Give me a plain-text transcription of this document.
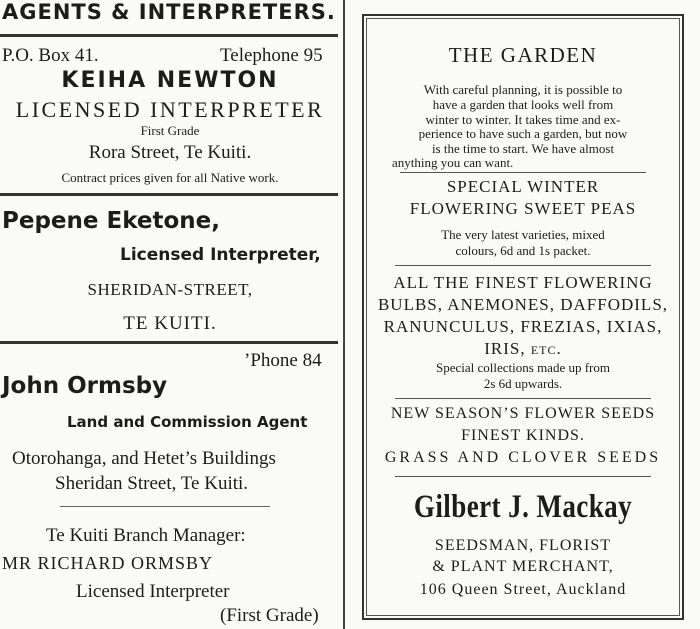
AGENTS & INTERPRETERS.
P.O. Box 41.	Telephone 95
KEIHA NEWTON
LICENSED INTERPRETER
First Grade
Rora Street, Te Kuiti.
Contract prices given for all Native work.
Pepene Eketone,
Licensed Interpreter,
SHERIDAN-STREET,
TE KUITI.
’Phone 84
John Ormsby
Land and Commission Agent
Otorohanga, and Hetet’s Buildings
Sheridan Street, Te Kuiti.
Te Kuiti Branch Manager:
MR RICHARD ORMSBY
Licensed Interpreter
(First Grade)
THE GARDEN
With careful planning, it is possible to
have a garden that looks well from
winter to winter. It takes time and ex-
perience to have such a garden, but now
is the time to start. We have almost
anything you can want.
SPECIAL WINTER
FLOWERING SWEET PEAS
The very latest varieties, mixed
colours, 6d and 1s packet.
ALL THE FINEST FLOWERING
BULBS, ANEMONES, DAFFODILS,
RANUNCULUS, FREZIAS, IXIAS,
IRIS, etc.
Special collections made up from
2s 6d upwards.
NEW SEASON’S FLOWER SEEDS
FINEST KINDS.
GRASS AND CLOVER SEEDS
Gilbert J. Mackay
SEEDSMAN, FLORIST
& PLANT MERCHANT,
106 Queen Street, Auckland
